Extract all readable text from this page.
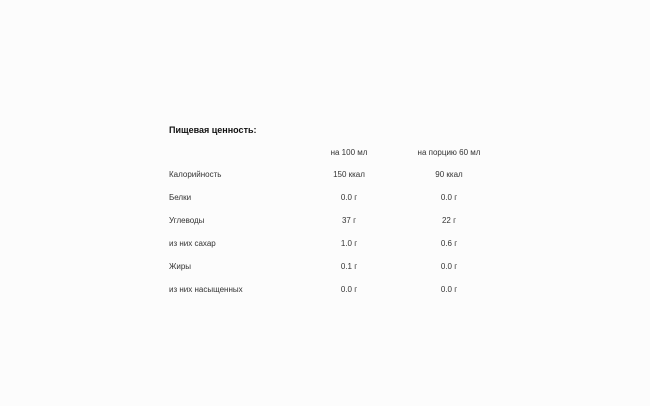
Пищевая ценность:
	на 100 мл	на порцию 60 мл
Калорийность	150 ккал	90 ккал
Белки	0.0 г	0.0 г
Углеводы	37 г	22 г
из них сахар	1.0 г	0.6 г
Жиры	0.1 г	0.0 г
из них насыщенных	0.0 г	0.0 г
